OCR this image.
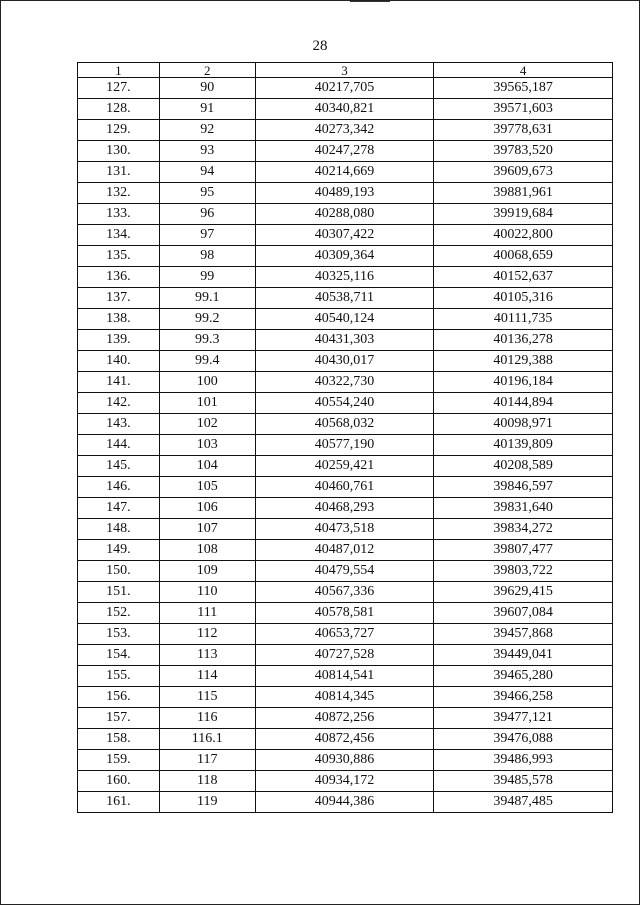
28
1	2	3	4
127.	90	40217,705	39565,187
128.	91	40340,821	39571,603
129.	92	40273,342	39778,631
130.	93	40247,278	39783,520
131.	94	40214,669	39609,673
132.	95	40489,193	39881,961
133.	96	40288,080	39919,684
134.	97	40307,422	40022,800
135.	98	40309,364	40068,659
136.	99	40325,116	40152,637
137.	99.1	40538,711	40105,316
138.	99.2	40540,124	40111,735
139.	99.3	40431,303	40136,278
140.	99.4	40430,017	40129,388
141.	100	40322,730	40196,184
142.	101	40554,240	40144,894
143.	102	40568,032	40098,971
144.	103	40577,190	40139,809
145.	104	40259,421	40208,589
146.	105	40460,761	39846,597
147.	106	40468,293	39831,640
148.	107	40473,518	39834,272
149.	108	40487,012	39807,477
150.	109	40479,554	39803,722
151.	110	40567,336	39629,415
152.	111	40578,581	39607,084
153.	112	40653,727	39457,868
154.	113	40727,528	39449,041
155.	114	40814,541	39465,280
156.	115	40814,345	39466,258
157.	116	40872,256	39477,121
158.	116.1	40872,456	39476,088
159.	117	40930,886	39486,993
160.	118	40934,172	39485,578
161.	119	40944,386	39487,485
